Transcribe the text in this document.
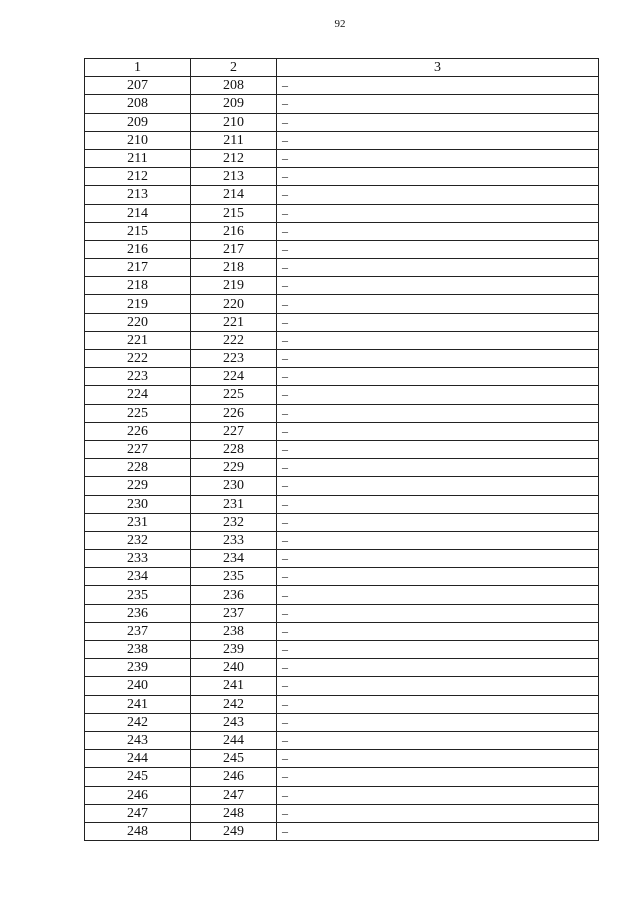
92
1	2	3
207	208	–
208	209	–
209	210	–
210	211	–
211	212	–
212	213	–
213	214	–
214	215	–
215	216	–
216	217	–
217	218	–
218	219	–
219	220	–
220	221	–
221	222	–
222	223	–
223	224	–
224	225	–
225	226	–
226	227	–
227	228	–
228	229	–
229	230	–
230	231	–
231	232	–
232	233	–
233	234	–
234	235	–
235	236	–
236	237	–
237	238	–
238	239	–
239	240	–
240	241	–
241	242	–
242	243	–
243	244	–
244	245	–
245	246	–
246	247	–
247	248	–
248	249	–
